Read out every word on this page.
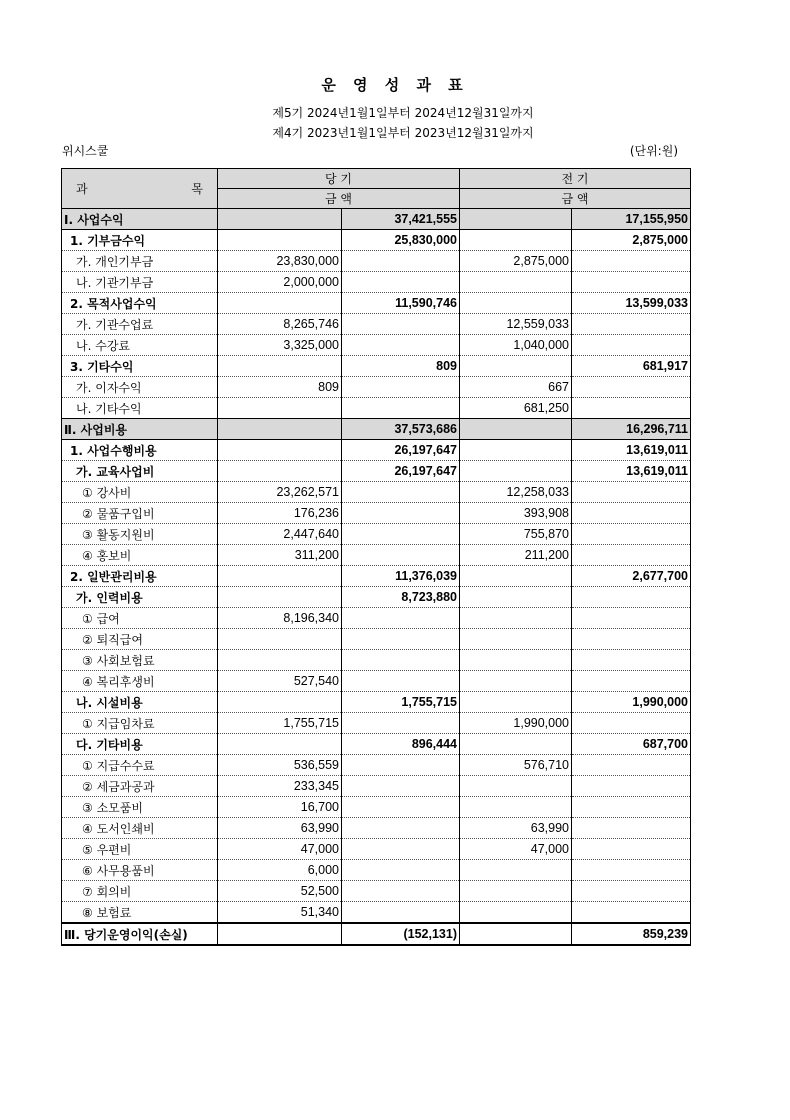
운 영 성 과 표
제5기 2024년1월1일부터 2024년12월31일까지
제4기 2023년1월1일부터 2023년12월31일까지
위시스쿨	(단위:원)
과 목	당 기		전 기	
	금 액		금 액	
Ⅰ. 사업수익		37,421,555		17,155,950
1. 기부금수익		25,830,000		2,875,000
가. 개인기부금	23,830,000		2,875,000	
나. 기관기부금	2,000,000			
2. 목적사업수익		11,590,746		13,599,033
가. 기관수업료	8,265,746		12,559,033	
나. 수강료	3,325,000		1,040,000	
3. 기타수익		809		681,917
가. 이자수익	809		667	
나. 기타수익			681,250	
Ⅱ. 사업비용		37,573,686		16,296,711
1. 사업수행비용		26,197,647		13,619,011
가. 교육사업비		26,197,647		13,619,011
① 강사비	23,262,571		12,258,033	
② 물품구입비	176,236		393,908	
③ 활동지원비	2,447,640		755,870	
④ 홍보비	311,200		211,200	
2. 일반관리비용		11,376,039		2,677,700
가. 인력비용		8,723,880		
① 급여	8,196,340			
② 퇴직급여				
③ 사회보험료				
④ 복리후생비	527,540			
나. 시설비용		1,755,715		1,990,000
① 지급임차료	1,755,715		1,990,000	
다. 기타비용		896,444		687,700
① 지급수수료	536,559		576,710	
② 세금과공과	233,345			
③ 소모품비	16,700			
④ 도서인쇄비	63,990		63,990	
⑤ 우편비	47,000		47,000	
⑥ 사무용품비	6,000			
⑦ 회의비	52,500			
⑧ 보험료	51,340			
Ⅲ. 당기운영이익(손실)		(152,131)		859,239
